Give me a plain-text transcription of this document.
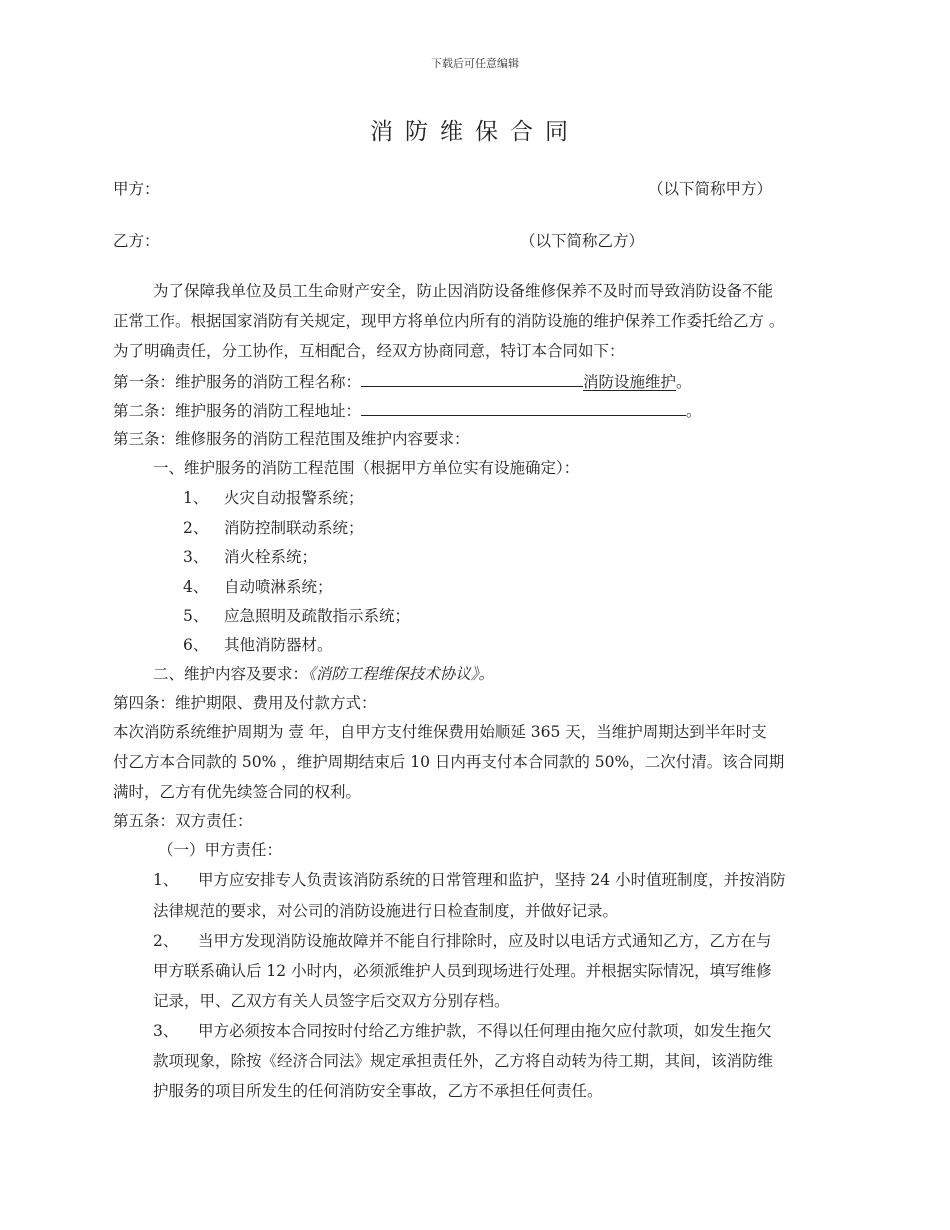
下载后可任意编辑
消防维保合同
甲方：	（以下简称甲方）
乙方：	（以下简称乙方）
为了保障我单位及员工生命财产安全，防止因消防设备维修保养不及时而导致消防设备不能
正常工作。根据国家消防有关规定，现甲方将单位内所有的消防设施的维护保养工作委托给乙方 。
为了明确责任，分工协作，互相配合，经双方协商同意，特订本合同如下：
第一条：维护服务的消防工程名称：	消防设施维护。
第二条：维护服务的消防工程地址：	。
第三条：维修服务的消防工程范围及维护内容要求：
一、维护服务的消防工程范围（根据甲方单位实有设施确定）：
1、 火灾自动报警系统；
2、 消防控制联动系统；
3、 消火栓系统；
4、 自动喷淋系统；
5、 应急照明及疏散指示系统；
6、 其他消防器材。
二、维护内容及要求：《消防工程维保技术协议》。
第四条：维护期限、费用及付款方式：
本次消防系统维护周期为 壹 年，自甲方支付维保费用始顺延 365 天，当维护周期达到半年时支
付乙方本合同款的 50% ，维护周期结束后 10 日内再支付本合同款的 50%，二次付清。该合同期
满时，乙方有优先续签合同的权利。
第五条：双方责任：
（一）甲方责任：
1、 甲方应安排专人负责该消防系统的日常管理和监护，坚持 24 小时值班制度，并按消防
法律规范的要求，对公司的消防设施进行日检查制度，并做好记录。
2、 当甲方发现消防设施故障并不能自行排除时，应及时以电话方式通知乙方，乙方在与
甲方联系确认后 12 小时内，必须派维护人员到现场进行处理。并根据实际情况，填写维修
记录，甲、乙双方有关人员签字后交双方分别存档。
3、 甲方必须按本合同按时付给乙方维护款，不得以任何理由拖欠应付款项，如发生拖欠
款项现象，除按《经济合同法》规定承担责任外，乙方将自动转为待工期，其间，该消防维
护服务的项目所发生的任何消防安全事故，乙方不承担任何责任。
